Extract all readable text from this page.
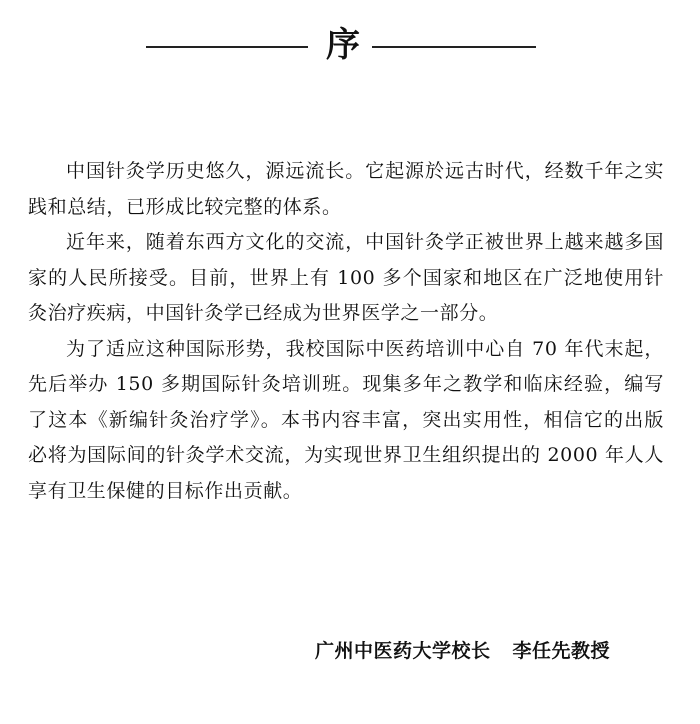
序

中国针灸学历史悠久，源远流长。它起源於远古时代，经数千年之实践和总结，已形成比较完整的体系。

近年来，随着东西方文化的交流，中国针灸学正被世界上越来越多国家的人民所接受。目前，世界上有 100 多个国家和地区在广泛地使用针灸治疗疾病，中国针灸学已经成为世界医学之一部分。

为了适应这种国际形势，我校国际中医药培训中心自 70 年代末起，先后举办 150 多期国际针灸培训班。现集多年之教学和临床经验，编写了这本《新编针灸治疗学》。本书内容丰富，突出实用性，相信它的出版必将为国际间的针灸学术交流，为实现世界卫生组织提出的 2000 年人人享有卫生保健的目标作出贡献。

广州中医药大学校长 李任先教授
